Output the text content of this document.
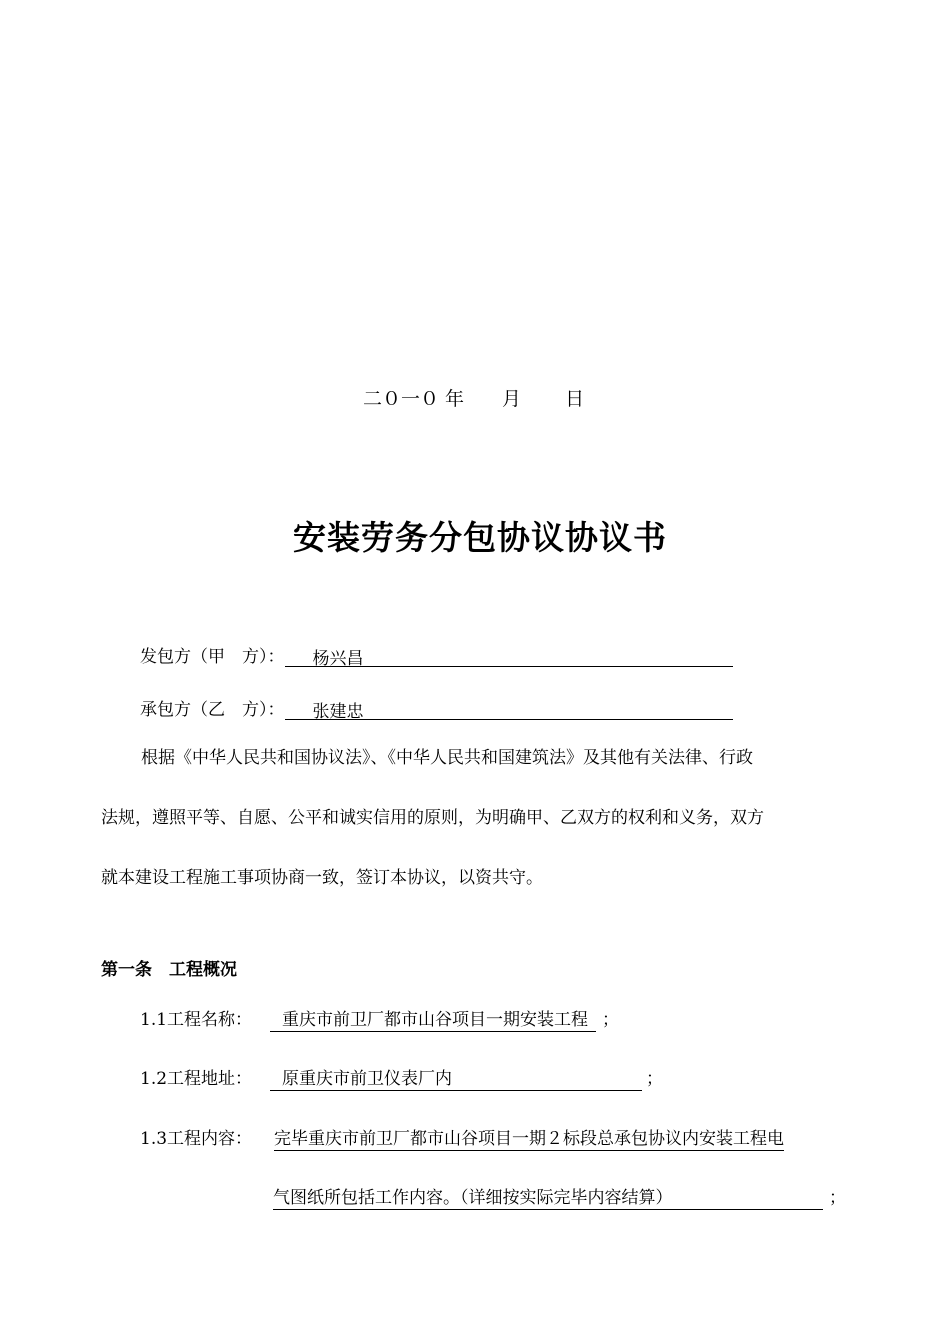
二０一０ 年　　月　　 日
安装劳务分包协议协议书
发包方（甲　方）： 杨兴昌
承包方（乙　方）： 张建忠
根据《中华人民共和国协议法》、《中华人民共和国建筑法》及其他有关法律、行政
法规，遵照平等、自愿、公平和诚实信用的原则，为明确甲、乙双方的权利和义务，双方
就本建设工程施工事项协商一致，签订本协议，以资共守。
第一条　工程概况
1.1工程名称： 重庆市前卫厂都市山谷项目一期安装工程 ；
1.2工程地址： 原重庆市前卫仪表厂内	；
1.3工程内容： 完毕重庆市前卫厂都市山谷项目一期２标段总承包协议内安装工程电
气图纸所包括工作内容。（详细按实际完毕内容结算）	；
